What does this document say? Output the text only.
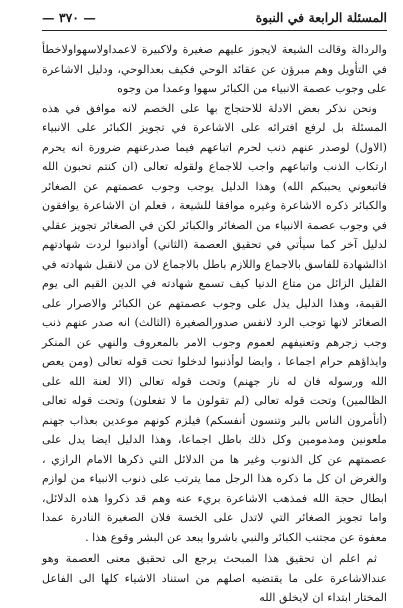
— ٣٧٠ —	المسئلة الرابعة في النبوة

والردالة وقالت الشيعة لايجوز عليهم صغيرة ولاكبيرة لاعمداولاسهواولاخطأ في التأويل وهم مبرؤن عن عقائد الوحي فكيف بعدالوحي، ودليل الاشاعرة على وجوب عصمة الانبياء من الكبائر سهوا وعمدا من وجوه

ونحن نذكر بعض الادلة للاحتجاج بها على الخصم لانه موافق في هذه المسئلة بل لرفع افترائه على الاشاعرة في تجويز الكبائر على الانبياء (الاول) لوصدر عنهم ذنب لحرم اتباعهم فيما صدرعنهم ضرورة انه يحرم ارتكاب الذنب واتباعهم واجب للاجماع ولقوله تعالى (ان كنتم تحبون الله فاتبعوني يحببكم الله) وهذا الدليل يوجب وجوب عصمتهم عن الصغائر والكبائر ذكره الاشاعرة وغيره موافقا للشيعة ، فعلم ان الاشاعرة يوافقون في وجوب عصمة الانبياء من الصغائر والكبائر لكن في الصغائر تجويز عقلي لدليل آخر كما سيأتي في تحقيق العصمة (الثاني) أواذنبوا لردت شهادتهم اذالشهادة للفاسق بالاجماع واللازم باطل بالاجماع لان من لانقبل شهادته في القليل الزائل من متاع الدنيا كيف تسمع شهادته في الدين القيم الى يوم القيمة، وهذا الدليل يدل على وجوب عصمتهم عن الكبائر والاصرار على الصغائر لانها توجب الرد لانفس صدورالصغيرة (الثالث) انه صدر عنهم ذنب وجب زجرهم وتعنيفهم لعموم وجوب الامر بالمعروف والنهي عن المنكر وايذاؤهم حرام اجماعا ، وايضا لوأذنبوا لدخلوا تحت قوله تعالى (ومن يعص الله ورسوله فان له نار جهنم) وتحت قوله تعالى (الا لعنة الله على الظالمين) وتحت قوله تعالى (لم تقولون ما لا تفعلون) وتحت قوله تعالى (أتأمرون الناس بالبر وتنسون أنفسكم) فيلزم كونهم موعدين بعذاب جهنم ملعونين ومذمومين وكل ذلك باطل اجماعا، وهذا الدليل ايضا يدل على عصمتهم عن كل الذنوب وغير ها من الدلائل التي ذكرها الامام الرازي ، والغرض ان كل ما ذكره هذا الرجل مما يترتب على ذنوب الانبياء من لوازم ابطال حجة الله فمذهب الاشاعرة بريء عنه وهم قد ذكروا هذه الدلائل، واما تجويز الصغائر التي لاتدل على الخسة فلان الصغيرة النادرة عمدا معفوة عن مجتنب الكبائر والنبي باشروا يبعد عن البشر وقوع هذا .

ثم اعلم ان تحقيق هذا المبحث يرجع الى تحقيق معنى العصمة وهو عندالاشاعرة على ما يقتضيه اصلهم من استناد الاشياء كلها الى الفاعل المختار ابتداء ان لايخلق الله
